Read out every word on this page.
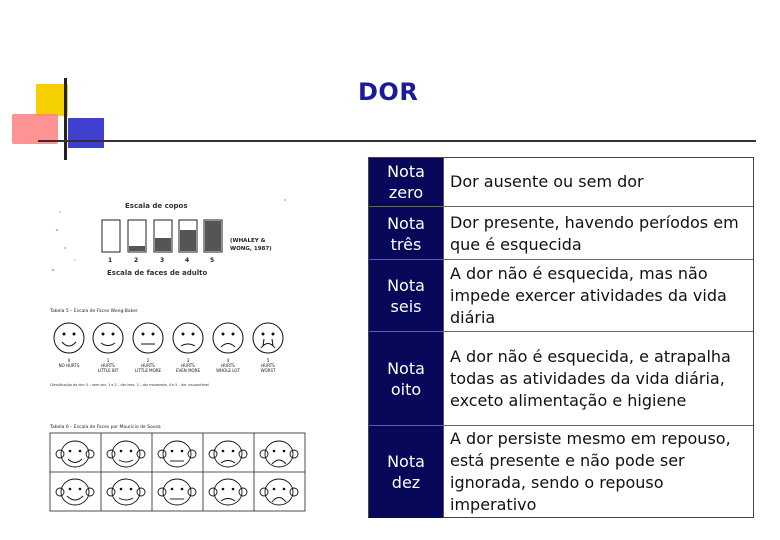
DOR
Escala de copos
1	2	3	4	5
(WHALEY &
WONG, 1987)
Escala de faces de adulto
Tabela 5 – Escala de Faces Wong-Baker
0
NO HURTS
1
HURTS
LITTLE BIT
2
HURTS
LITTLE MORE
3
HURTS
EVEN MORE
4
HURTS
WHOLE LOT
5
HURTS
WORST
Classificação da dor: 0 – sem dor, 1 e 2 – dor leve, 3 – dor moderada, 4 e 5 – dor insuportável
Tabela 6 – Escala de Faces por Maurício de Sousa
Nota
zero
Dor ausente ou sem dor
Nota
três
Dor presente, havendo períodos em que é esquecida
Nota
seis
A dor não é esquecida, mas não impede exercer atividades da vida diária
Nota
oito
A dor não é esquecida, e atrapalha todas as atividades da vida diária, exceto alimentação e higiene
Nota
dez
A dor persiste mesmo em repouso, está presente e não pode ser ignorada, sendo o repouso imperativo
